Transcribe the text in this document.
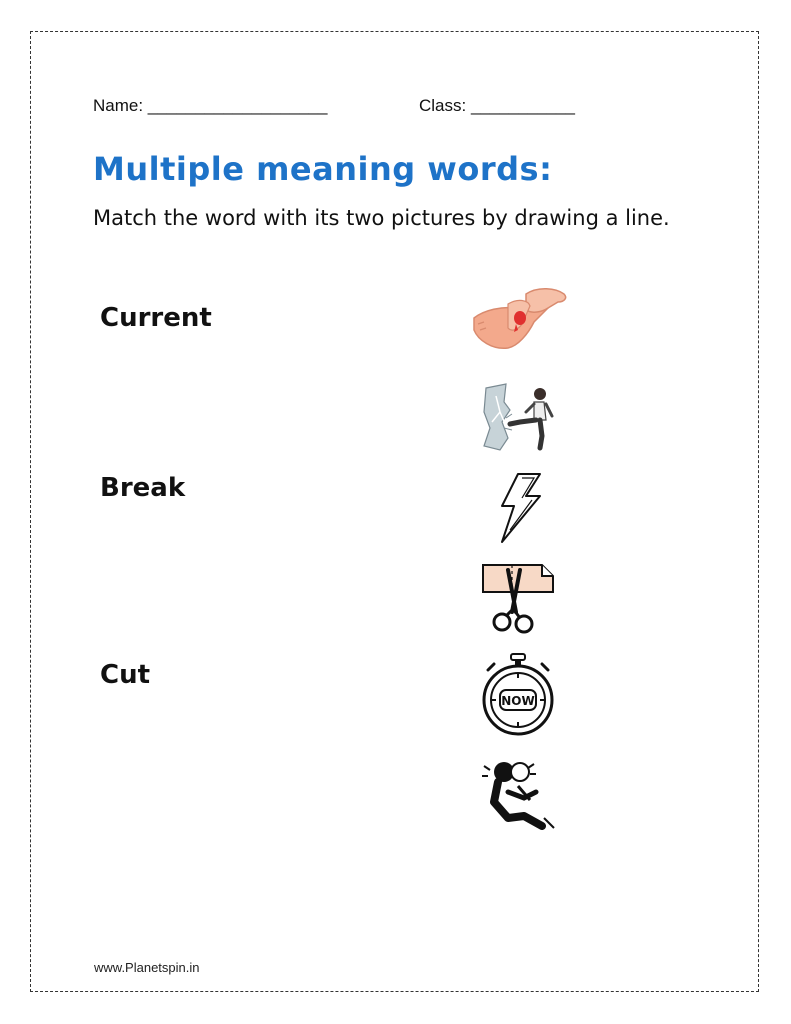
Name: ___________________	Class: ___________
Multiple meaning words:
Match the word with its two pictures by drawing a line.
Current
Break
Cut
NOW
www.Planetspin.in
